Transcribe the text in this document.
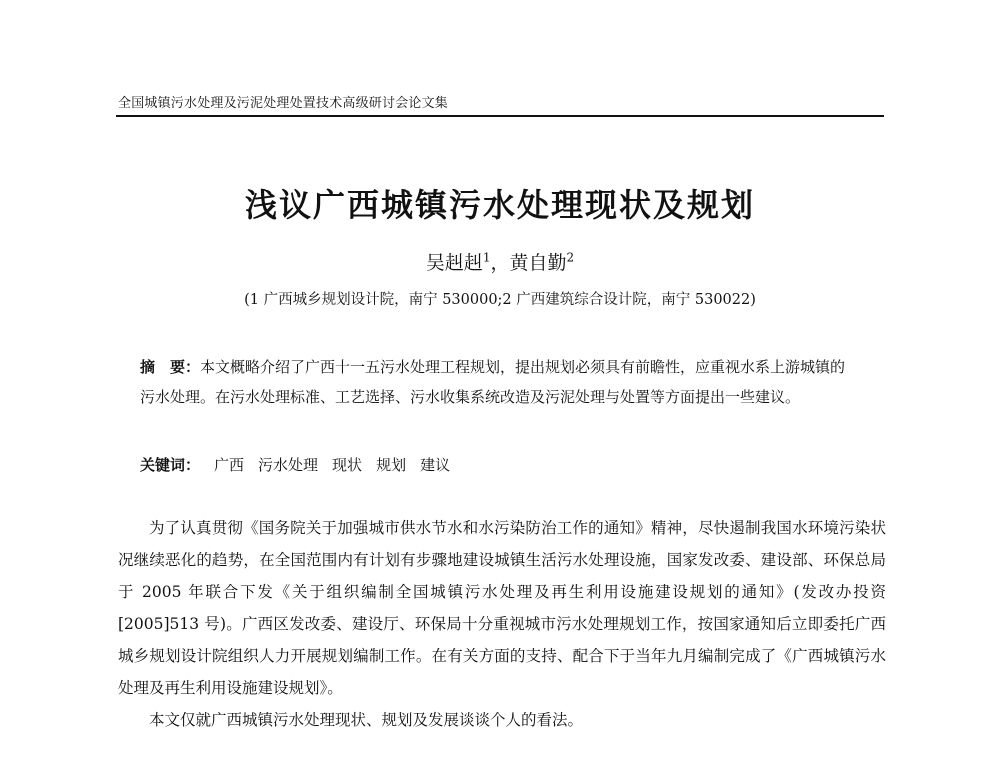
全国城镇污水处理及污泥处理处置技术高级研讨会论文集
浅议广西城镇污水处理现状及规划
吴赳赳$^1$，黄自勤$^2$
(1 广西城乡规划设计院，南宁 530000;2 广西建筑综合设计院，南宁 530022)
摘　要：本文概略介绍了广西十一五污水处理工程规划，提出规划必须具有前瞻性，应重视水系上游城镇的污水处理。在污水处理标准、工艺选择、污水收集系统改造及污泥处理与处置等方面提出一些建议。
关键词： 广西 污水处理 现状 规划 建议

为了认真贯彻《国务院关于加强城市供水节水和水污染防治工作的通知》精神，尽快遏制我国水环境污染状况继续恶化的趋势，在全国范围内有计划有步骤地建设城镇生活污水处理设施，国家发改委、建设部、环保总局于 2005 年联合下发《关于组织编制全国城镇污水处理及再生利用设施建设规划的通知》(发改办投资[2005]513 号)。广西区发改委、建设厅、环保局十分重视城市污水处理规划工作，按国家通知后立即委托广西城乡规划设计院组织人力开展规划编制工作。在有关方面的支持、配合下于当年九月编制完成了《广西城镇污水处理及再生利用设施建设规划》。

本文仅就广西城镇污水处理现状、规划及发展谈谈个人的看法。
